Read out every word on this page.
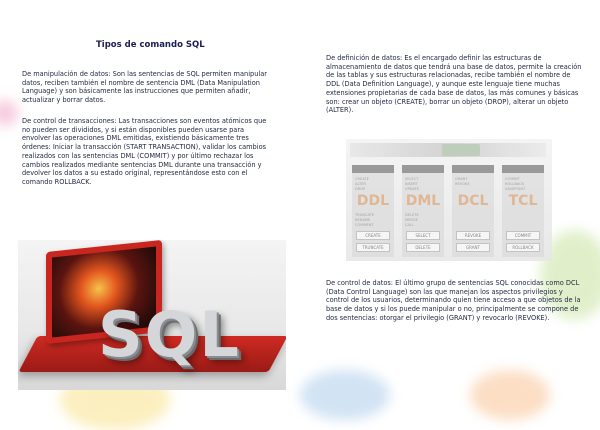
Tipos de comando SQL

De manipulación de datos: Son las sentencias de SQL permiten manipular datos, reciben también el nombre de sentencia DML (Data Manipulation Language) y son básicamente las instrucciones que permiten añadir, actualizar y borrar datos.

De control de transacciones: Las transacciones son eventos atómicos que no pueden ser divididos, y si están disponibles pueden usarse para envolver las operaciones DML emitidas, existiendo básicamente tres órdenes: Iniciar la transacción (START TRANSACTION), validar los cambios realizados con las sentencias DML (COMMIT) y por último rechazar los cambios realizados mediante sentencias DML durante una transacción y devolver los datos a su estado original, representándose esto con el comando ROLLBACK.

De definición de datos: Es el encargado definir las estructuras de almacenamiento de datos que tendrá una base de datos, permite la creación de las tablas y sus estructuras relacionadas, recibe también el nombre de DDL (Data Definition Language), y aunque este lenguaje tiene muchas extensiones propietarias de cada base de datos, las más comunes y básicas son: crear un objeto (CREATE), borrar un objeto (DROP), alterar un objeto (ALTER).

De control de datos: El último grupo de sentencias SQL conocidas como DCL (Data Control Language) son las que manejan los aspectos privilegios y control de los usuarios, determinando quien tiene acceso a que objetos de la base de datos y si los puede manipular o no, principalmente se compone de dos sentencias: otorgar el privilegio (GRANT) y revocarlo (REVOKE).

SQL
DDL
CREATE
ALTER
DROP
TRUNCATE
RENAME
COMMENT
CREATE
TRUNCATE
DML
SELECT
INSERT
UPDATE
DELETE
MERGE
CALL
SELECT
DELETE
DCL
GRANT
REVOKE
REVOKE
GRANT
TCL
COMMIT
ROLLBACK
SAVEPOINT
COMMIT
ROLLBACK
